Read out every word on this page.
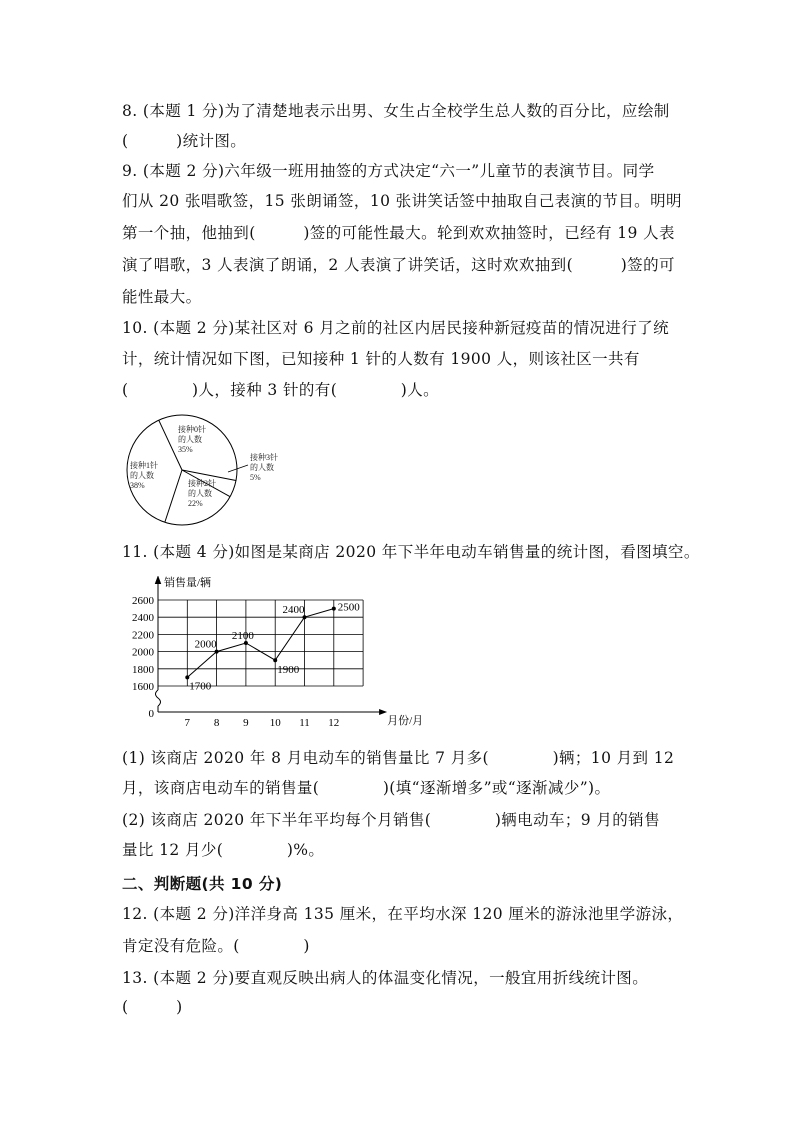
8. (本题 1 分)为了清楚地表示出男、女生占全校学生总人数的百分比，应绘制
(　　　)统计图。
9. (本题 2 分)六年级一班用抽签的方式决定“六一”儿童节的表演节目。同学
们从 20 张唱歌签，15 张朗诵签，10 张讲笑话签中抽取自己表演的节目。明明
第一个抽，他抽到(　　　)签的可能性最大。轮到欢欢抽签时，已经有 19 人表
演了唱歌，3 人表演了朗诵，2 人表演了讲笑话，这时欢欢抽到(　　　)签的可
能性最大。
10. (本题 2 分)某社区对 6 月之前的社区内居民接种新冠疫苗的情况进行了统
计，统计情况如下图，已知接种 1 针的人数有 1900 人，则该社区一共有
(　　　　)人，接种 3 针的有(　　　　)人。
11. (本题 4 分)如图是某商店 2020 年下半年电动车销售量的统计图，看图填空。
(1) 该商店 2020 年 8 月电动车的销售量比 7 月多(　　　　)辆；10 月到 12
月，该商店电动车的销售量(　　　　)(填“逐渐增多”或“逐渐减少”)。
(2) 该商店 2020 年下半年平均每个月销售(　　　　)辆电动车；9 月的销售
量比 12 月少(　　　　)%。
二、判断题(共 10 分)
12. (本题 2 分)洋洋身高 135 厘米，在平均水深 120 厘米的游泳池里学游泳，
肯定没有危险。(　　　　)
13. (本题 2 分)要直观反映出病人的体温变化情况，一般宜用折线统计图。
(　　　)
接种0针
的人数
35%
接种3针
的人数
5%
接种2针
的人数
22%
接种1针
的人数
38%
销售量/辆
月份/月
0
1600
1800
2000
2200
2400
2600
7 8 9 10 11 12
1700
2000
2100
1900
2400	2500
